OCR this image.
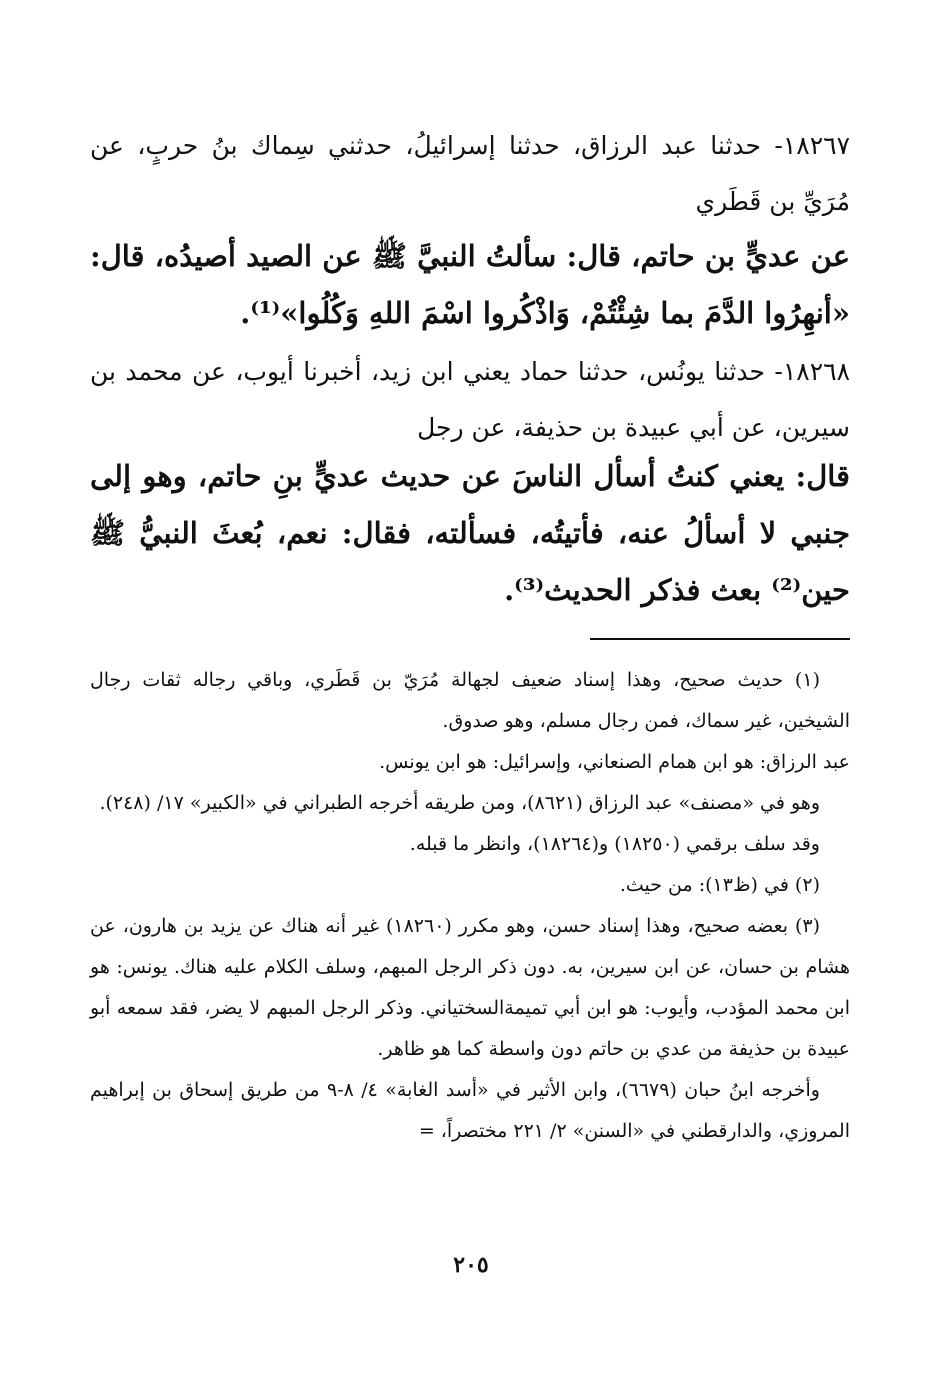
١٨٢٦٧- حدثنا عبد الرزاق، حدثنا إسرائيلُ، حدثني سِماك بنُ حربٍ، عن مُرَيِّ بن قَطَري
عن عديٍّ بن حاتم، قال: سألتُ النبيَّ ﷺ عن الصيد أصيدُه، قال: «أنهِرُوا الدَّمَ بما شِئْتُمْ، وَاذْكُروا اسْمَ اللهِ وَكُلُوا»⁽¹⁾.
١٨٢٦٨- حدثنا يونُس، حدثنا حماد يعني ابن زيد، أخبرنا أيوب، عن محمد بن سيرين، عن أبي عبيدة بن حذيفة، عن رجل
قال: يعني كنتُ أسأل الناسَ عن حديث عديٍّ بنِ حاتم، وهو إلى جنبي لا أسألُ عنه، فأتيتُه، فسألته، فقال: نعم، بُعثَ النبيُّ ﷺ حين⁽²⁾ بعث فذكر الحديث⁽³⁾.

(١) حديث صحيح، وهذا إسناد ضعيف لجهالة مُرَيّ بن قَطَري، وباقي رجاله ثقات رجال الشيخين، غير سماك، فمن رجال مسلم، وهو صدوق.

عبد الرزاق: هو ابن همام الصنعاني، وإسرائيل: هو ابن يونس.

وهو في «مصنف» عبد الرزاق (٨٦٢١)، ومن طريقه أخرجه الطبراني في «الكبير» ١٧/ (٢٤٨).

وقد سلف برقمي (١٨٢٥٠) و(١٨٢٦٤)، وانظر ما قبله.

(٢) في (ظ١٣): من حيث.

(٣) بعضه صحيح، وهذا إسناد حسن، وهو مكرر (١٨٢٦٠) غير أنه هناك عن يزيد بن هارون، عن هشام بن حسان، عن ابن سيرين، به. دون ذكر الرجل المبهم، وسلف الكلام عليه هناك. يونس: هو ابن محمد المؤدب، وأيوب: هو ابن أبي تميمةالسختياني. وذكر الرجل المبهم لا يضر، فقد سمعه أبو عبيدة بن حذيفة من عدي بن حاتم دون واسطة كما هو ظاهر.

وأخرجه ابنُ حبان (٦٦٧٩)، وابن الأثير في «أسد الغابة» ٤/ ٨-٩ من طريق إسحاق بن إبراهيم المروزي، والدارقطني في «السنن» ٢/ ٢٢١ مختصراً، =

٢٠٥
